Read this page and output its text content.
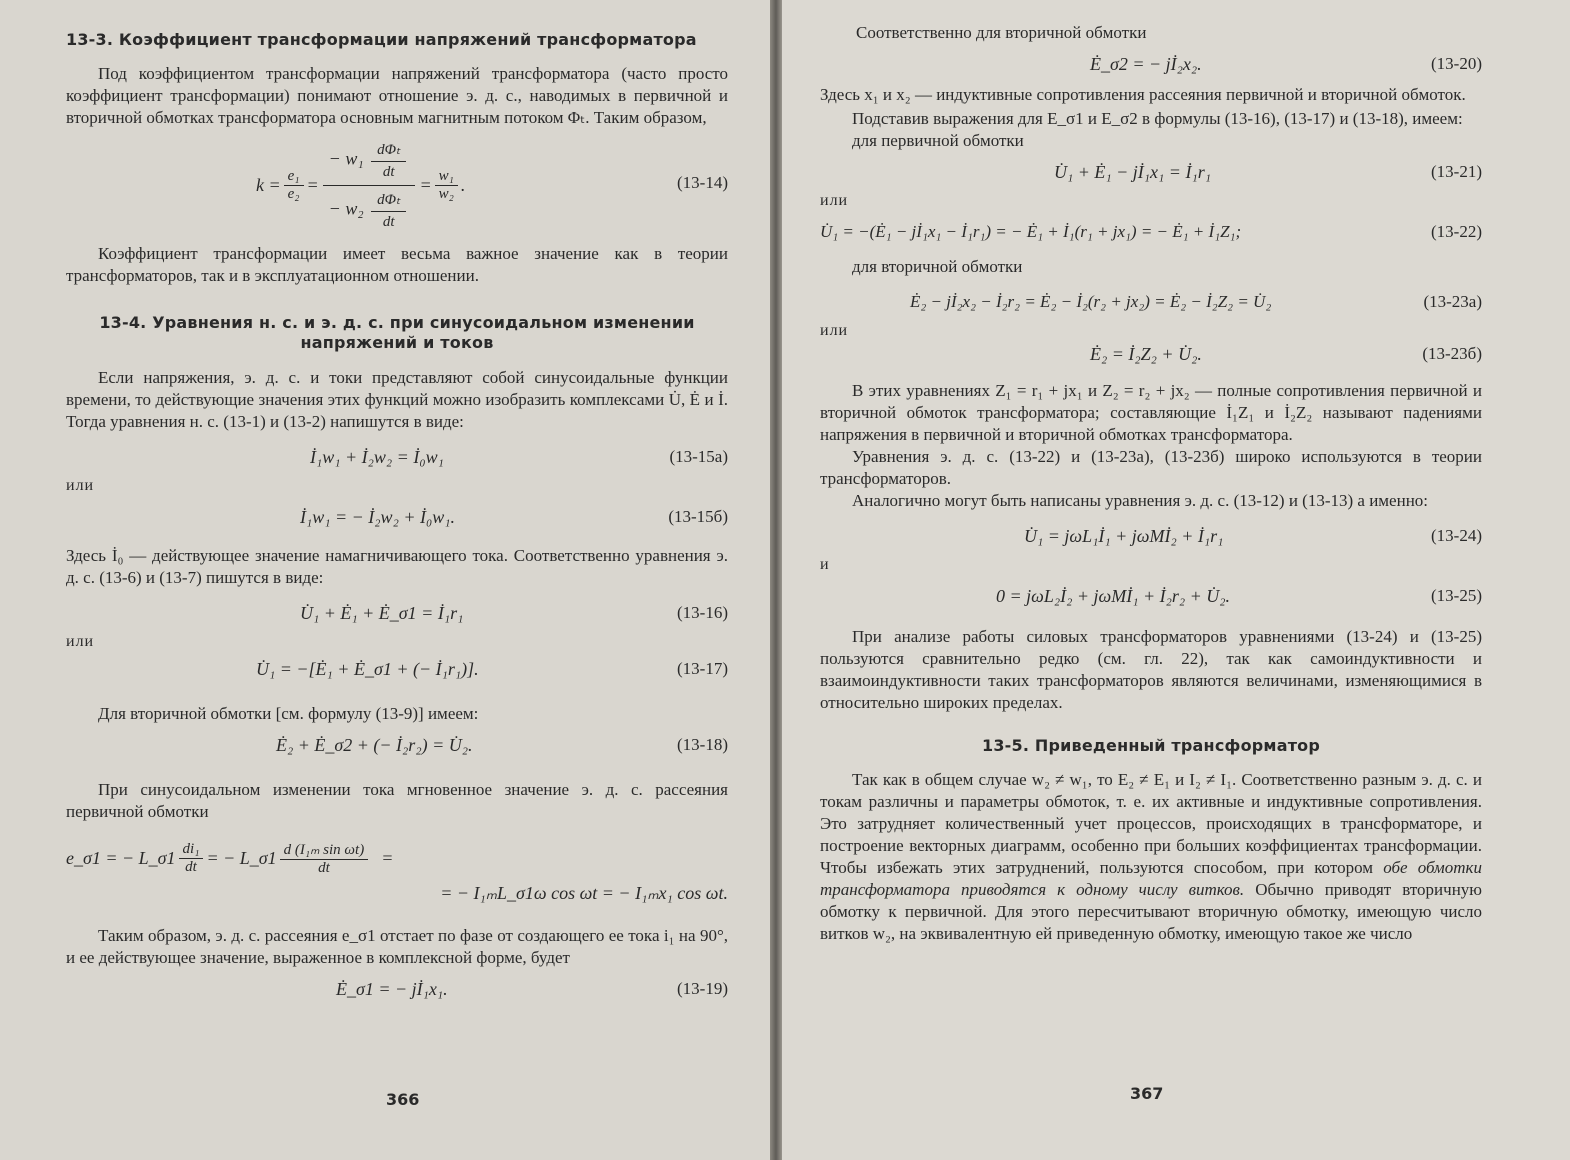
13-3. Коэффициент трансформации напряжений трансформатора

Под коэффициентом трансформации напряжений трансформатора (часто просто коэффициент трансформации) понимают отношение э. д. с., наводимых в первичной и вторичной обмотках трансформатора основным магнитным потоком Φₜ. Таким образом,

$k = \frac{\text{e₁}}{\text{e₂}} = \frac{- w_1 \frac{\text{dΦₜ}}{dt}}{- w_2 \frac{\text{dΦₜ}}{dt}} = \frac{\text{w₁}}{\text{w₂}}$ .	(13-14)

Коэффициент трансформации имеет весьма важное значение как в теории трансформаторов, так и в эксплуатационном отношении.

13-4. Уравнения н. с. и э. д. с. при синусоидальном изменении напряжений и токов

Если напряжения, э. д. с. и токи представляют собой синусоидальные функции времени, то действующие значения этих функций можно изобразить комплексами U̇, Ė и İ. Тогда уравнения н. с. (13-1) и (13-2) напишутся в виде:

İ₁w₁ + İ₂w₂ = İ₀w₁	(13-15а)
или
İ₁w₁ = − İ₂w₂ + İ₀w₁.	(13-15б)

Здесь İ₀ — действующее значение намагничивающего тока. Соответственно уравнения э. д. с. (13-6) и (13-7) пишутся в виде:

U̇₁ + Ė₁ + Ė_σ1 = İ₁r₁	(13-16)
или
U̇₁ = −[Ė₁ + Ė_σ1 + (− İ₁r₁)].	(13-17)

Для вторичной обмотки [см. формулу (13-9)] имеем:

Ė₂ + Ė_σ2 + (− İ₂r₂) = U̇₂.	(13-18)

При синусоидальном изменении тока мгновенное значение э. д. с. рассеяния первичной обмотки

e_σ1 = − L_σ1 $\frac{\text{di₁}}{dt}$ = − L_σ1 $\frac{\text{d (I₁ₘ sin ωt)}}{dt}$ =
= − I₁ₘL_σ1ω cos ωt = − I₁ₘx₁ cos ωt.

Таким образом, э. д. с. рассеяния e_σ1 отстает по фазе от создающего ее тока i₁ на 90°, и ее действующее значение, выраженное в комплексной форме, будет

Ė_σ1 = − jİ₁x₁.	(13-19)
366

Соответственно для вторичной обмотки

Ė_σ2 = − jİ₂x₂.	(13-20)

Здесь x₁ и x₂ — индуктивные сопротивления рассеяния первичной и вторичной обмоток.

Подставив выражения для E_σ1 и E_σ2 в формулы (13-16), (13-17) и (13-18), имеем:

для первичной обмотки

U̇₁ + Ė₁ − jİ₁x₁ = İ₁r₁	(13-21)
или
U̇₁ = −(Ė₁ − jİ₁x₁ − İ₁r₁) = − Ė₁ + İ₁(r₁ + jx₁) = − Ė₁ + İ₁Z₁;	(13-22)

для вторичной обмотки

Ė₂ − jİ₂x₂ − İ₂r₂ = Ė₂ − İ₂(r₂ + jx₂) = Ė₂ − İ₂Z₂ = U̇₂	(13-23а)
или
Ė₂ = İ₂Z₂ + U̇₂.	(13-23б)

В этих уравнениях Z₁ = r₁ + jx₁ и Z₂ = r₂ + jx₂ — полные сопротивления первичной и вторичной обмоток трансформатора; составляющие İ₁Z₁ и İ₂Z₂ называют падениями напряжения в первичной и вторичной обмотках трансформатора.

Уравнения э. д. с. (13-22) и (13-23а), (13-23б) широко используются в теории трансформаторов.

Аналогично могут быть написаны уравнения э. д. с. (13-12) и (13-13) а именно:

U̇₁ = jωL₁İ₁ + jωMİ₂ + İ₁r₁	(13-24)
и
0 = jωL₂İ₂ + jωMİ₁ + İ₂r₂ + U̇₂.	(13-25)

При анализе работы силовых трансформаторов уравнениями (13-24) и (13-25) пользуются сравнительно редко (см. гл. 22), так как самоиндуктивности и взаимоиндуктивности таких трансформаторов являются величинами, изменяющимися в относительно широких пределах.

13-5. Приведенный трансформатор

Так как в общем случае w₂ ≠ w₁, то E₂ ≠ E₁ и I₂ ≠ I₁. Соответственно разным э. д. с. и токам различны и параметры обмоток, т. е. их активные и индуктивные сопротивления. Это затрудняет количественный учет процессов, происходящих в трансформаторе, и построение векторных диаграмм, особенно при больших коэффициентах трансформации. Чтобы избежать этих затруднений, пользуются способом, при котором обе обмотки трансформатора приводятся к одному числу витков. Обычно приводят вторичную обмотку к первичной. Для этого пересчитывают вторичную обмотку, имеющую число витков w₂, на эквивалентную ей приведенную обмотку, имеющую такое же число

367
